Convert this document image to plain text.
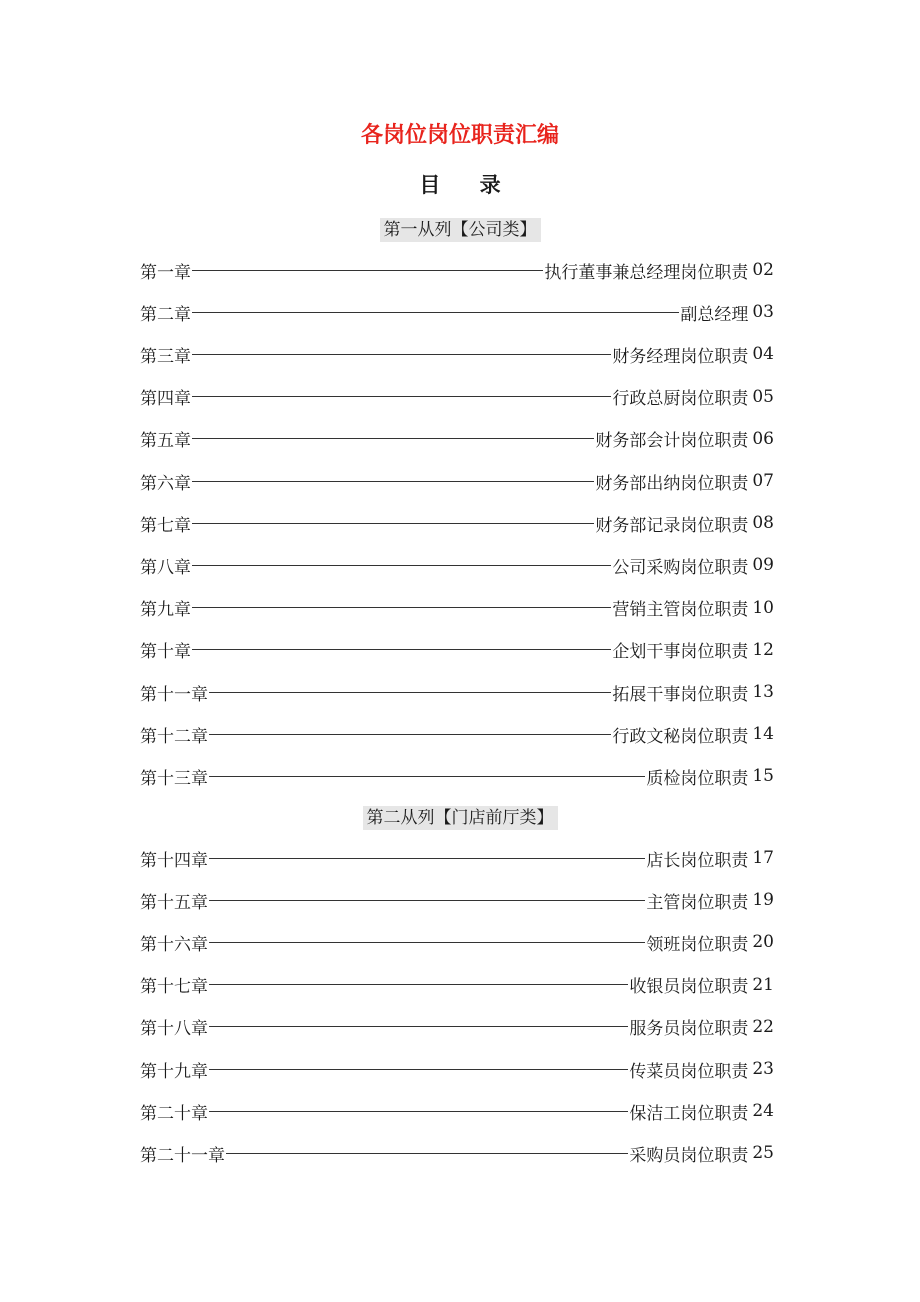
各岗位岗位职责汇编
目 录
第一从列【公司类】
第一章	执行董事兼总经理岗位职责 02
第二章	副总经理 03
第三章	财务经理岗位职责 04
第四章	行政总厨岗位职责 05
第五章	财务部会计岗位职责 06
第六章	财务部出纳岗位职责 07
第七章	财务部记录岗位职责 08
第八章	公司采购岗位职责 09
第九章	营销主管岗位职责 10
第十章	企划干事岗位职责 12
第十一章	拓展干事岗位职责 13
第十二章	行政文秘岗位职责 14
第十三章	质检岗位职责 15
第二从列【门店前厅类】
第十四章	店长岗位职责 17
第十五章	主管岗位职责 19
第十六章	领班岗位职责 20
第十七章	收银员岗位职责 21
第十八章	服务员岗位职责 22
第十九章	传菜员岗位职责 23
第二十章	保洁工岗位职责 24
第二十一章	采购员岗位职责 25
